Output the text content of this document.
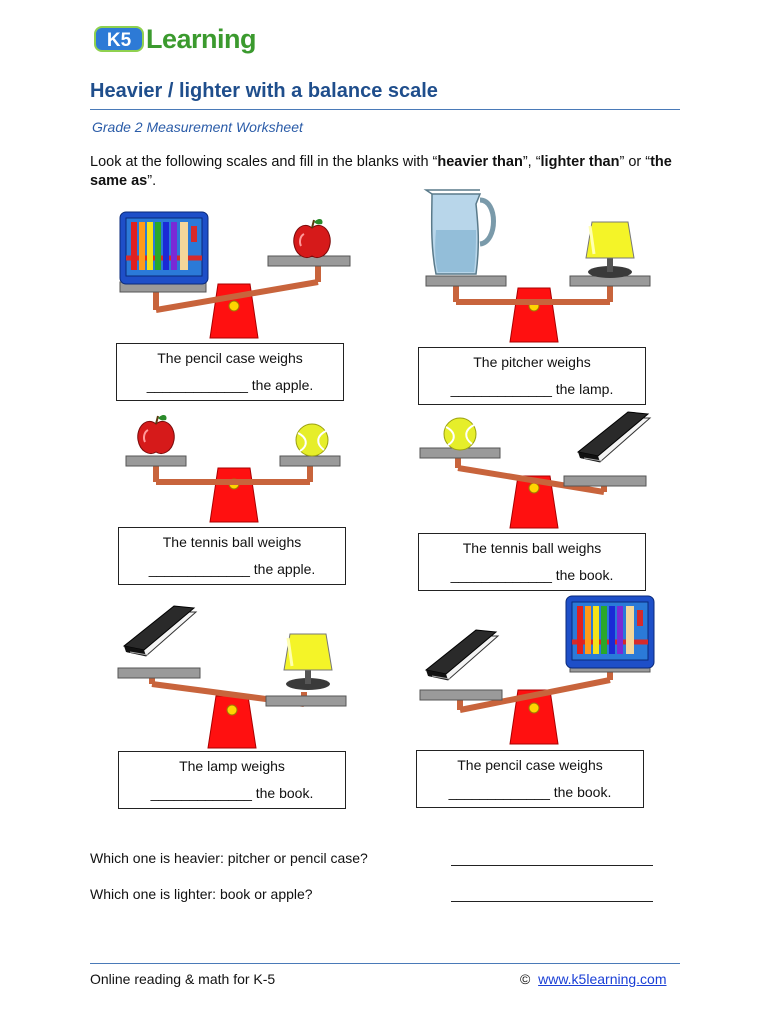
K5 Learning
Heavier / lighter with a balance scale
Grade 2 Measurement Worksheet
Look at the following scales and fill in the blanks with “heavier than”, “lighter than” or “the same as”.
The pencil case weighs
_____________ the apple.
The pitcher weighs
_____________ the lamp.
The tennis ball weighs
_____________ the apple.
The tennis ball weighs
_____________ the book.
The lamp weighs
_____________ the book.
The pencil case weighs
_____________ the book.
Which one is heavier: pitcher or pencil case?
Which one is lighter: book or apple?
Online reading & math for K-5	© www.k5learning.com
